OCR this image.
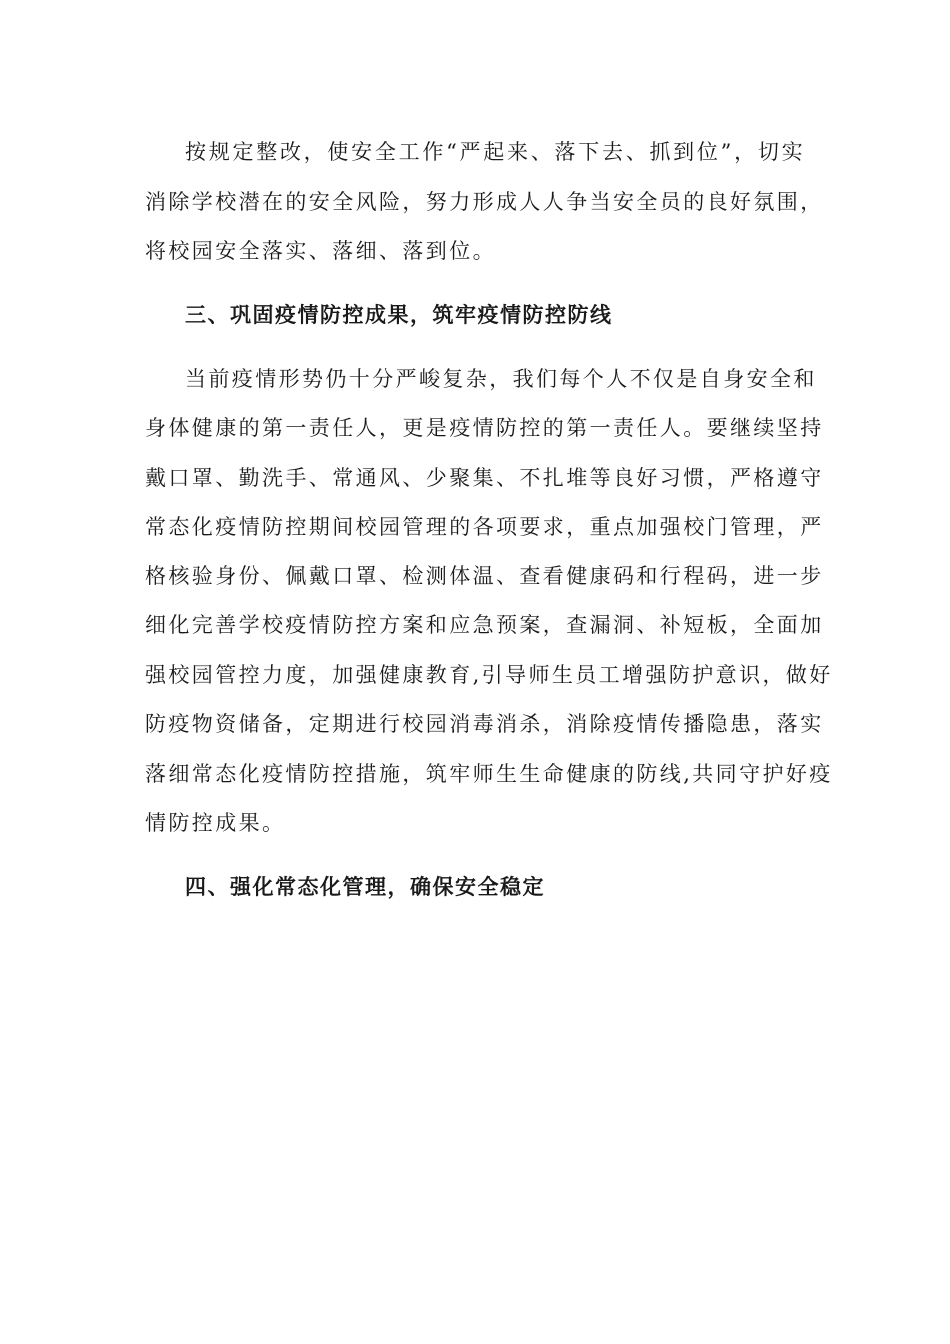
按规定整改，使安全工作“严起来、落下去、抓到位”，切实
消除学校潜在的安全风险，努力形成人人争当安全员的良好氛围，
将校园安全落实、落细、落到位。
三、巩固疫情防控成果，筑牢疫情防控防线
当前疫情形势仍十分严峻复杂，我们每个人不仅是自身安全和
身体健康的第一责任人，更是疫情防控的第一责任人。要继续坚持
戴口罩、勤洗手、常通风、少聚集、不扎堆等良好习惯，严格遵守
常态化疫情防控期间校园管理的各项要求，重点加强校门管理，严
格核验身份、佩戴口罩、检测体温、查看健康码和行程码，进一步
细化完善学校疫情防控方案和应急预案，查漏洞、补短板，全面加
强校园管控力度，加强健康教育,引导师生员工增强防护意识，做好
防疫物资储备，定期进行校园消毒消杀，消除疫情传播隐患，落实
落细常态化疫情防控措施，筑牢师生生命健康的防线,共同守护好疫
情防控成果。
四、强化常态化管理，确保安全稳定
